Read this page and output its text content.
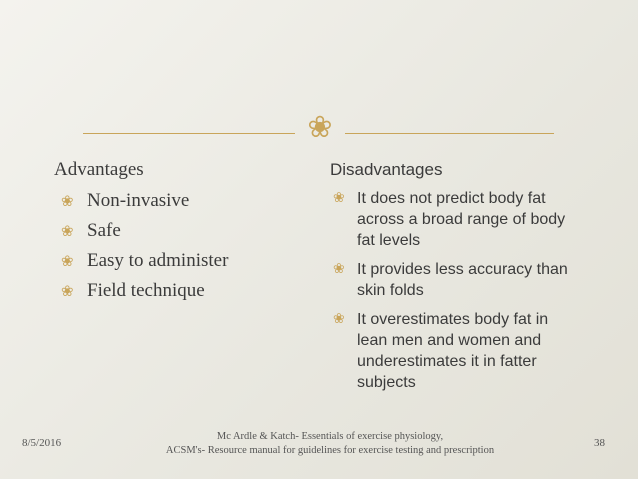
❀

Advantages

❀ Non-invasive
❀ Safe
❀ Easy to administer
❀ Field technique

Disadvantages

❀ It does not predict body fat across a broad range of body fat levels
❀ It provides less accuracy than skin folds
❀ It overestimates body fat in lean men and women and underestimates it in fatter subjects
8/5/2016
Mc Ardle & Katch- Essentials of exercise physiology,
ACSM's- Resource manual for guidelines for exercise testing and prescription
38
